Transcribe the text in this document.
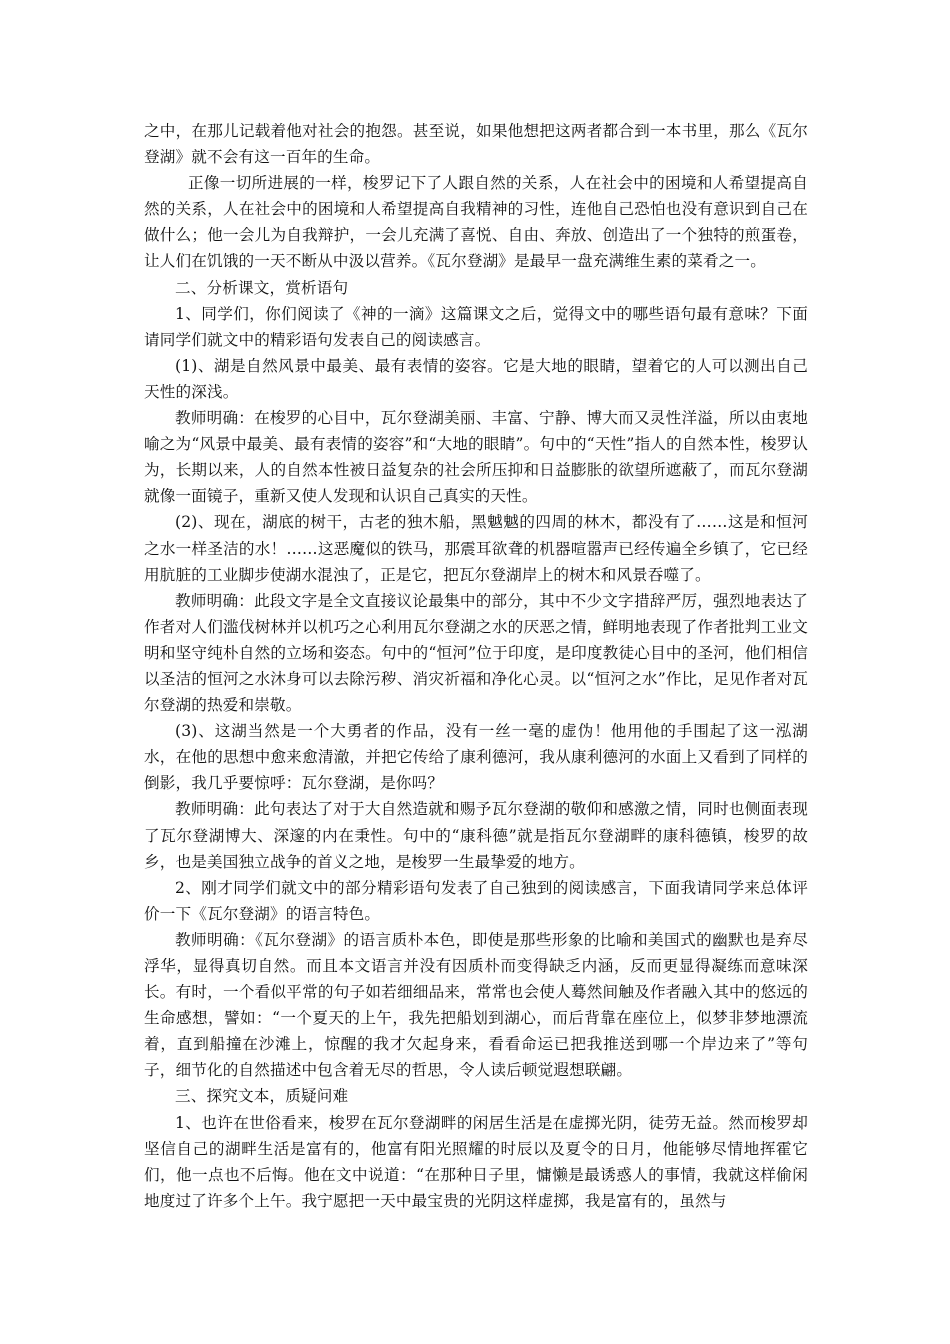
之中，在那儿记载着他对社会的抱怨。甚至说，如果他想把这两者都合到一本书里，那么《瓦尔登湖》就不会有这一百年的生命。

正像一切所进展的一样，梭罗记下了人跟自然的关系，人在社会中的困境和人希望提高自然的关系，人在社会中的困境和人希望提高自我精神的习性，连他自己恐怕也没有意识到自己在做什么；他一会儿为自我辩护，一会儿充满了喜悦、自由、奔放、创造出了一个独特的煎蛋卷，让人们在饥饿的一天不断从中汲以营养。《瓦尔登湖》是最早一盘充满维生素的菜肴之一。

二、分析课文，赏析语句

1、同学们，你们阅读了《神的一滴》这篇课文之后，觉得文中的哪些语句最有意味？下面请同学们就文中的精彩语句发表自己的阅读感言。

(1)、湖是自然风景中最美、最有表情的姿容。它是大地的眼睛，望着它的人可以测出自己天性的深浅。

教师明确：在梭罗的心目中，瓦尔登湖美丽、丰富、宁静、博大而又灵性洋溢，所以由衷地喻之为“风景中最美、最有表情的姿容”和“大地的眼睛”。句中的“天性”指人的自然本性，梭罗认为，长期以来，人的自然本性被日益复杂的社会所压抑和日益膨胀的欲望所遮蔽了，而瓦尔登湖就像一面镜子，重新又使人发现和认识自己真实的天性。

(2)、现在，湖底的树干，古老的独木船，黑魆魆的四周的林木，都没有了……这是和恒河之水一样圣洁的水！……这恶魔似的铁马，那震耳欲聋的机器喧嚣声已经传遍全乡镇了，它已经用肮脏的工业脚步使湖水混浊了，正是它，把瓦尔登湖岸上的树木和风景吞噬了。

教师明确：此段文字是全文直接议论最集中的部分，其中不少文字措辞严厉，强烈地表达了作者对人们滥伐树林并以机巧之心利用瓦尔登湖之水的厌恶之情，鲜明地表现了作者批判工业文明和坚守纯朴自然的立场和姿态。句中的“恒河”位于印度，是印度教徒心目中的圣河，他们相信以圣洁的恒河之水沐身可以去除污秽、消灾祈福和净化心灵。以“恒河之水”作比，足见作者对瓦尔登湖的热爱和崇敬。

(3)、这湖当然是一个大勇者的作品，没有一丝一毫的虚伪！他用他的手围起了这一泓湖水，在他的思想中愈来愈清澈，并把它传给了康利德河，我从康利德河的水面上又看到了同样的倒影，我几乎要惊呼：瓦尔登湖，是你吗？

教师明确：此句表达了对于大自然造就和赐予瓦尔登湖的敬仰和感激之情，同时也侧面表现了瓦尔登湖博大、深邃的内在秉性。句中的“康科德”就是指瓦尔登湖畔的康科德镇，梭罗的故乡，也是美国独立战争的首义之地，是梭罗一生最挚爱的地方。

2、刚才同学们就文中的部分精彩语句发表了自己独到的阅读感言，下面我请同学来总体评价一下《瓦尔登湖》的语言特色。

教师明确：《瓦尔登湖》的语言质朴本色，即使是那些形象的比喻和美国式的幽默也是弃尽浮华，显得真切自然。而且本文语言并没有因质朴而变得缺乏内涵，反而更显得凝练而意味深长。有时，一个看似平常的句子如若细细品来，常常也会使人蓦然间触及作者融入其中的悠远的生命感想，譬如：“一个夏天的上午，我先把船划到湖心，而后背靠在座位上，似梦非梦地漂流着，直到船撞在沙滩上，惊醒的我才欠起身来，看看命运已把我推送到哪一个岸边来了”等句子，细节化的自然描述中包含着无尽的哲思，令人读后顿觉遐想联翩。

三、探究文本，质疑问难

1、也许在世俗看来，梭罗在瓦尔登湖畔的闲居生活是在虚掷光阴，徒劳无益。然而梭罗却坚信自己的湖畔生活是富有的，他富有阳光照耀的时辰以及夏令的日月，他能够尽情地挥霍它们，他一点也不后悔。他在文中说道：“在那种日子里，慵懒是最诱惑人的事情，我就这样偷闲地度过了许多个上午。我宁愿把一天中最宝贵的光阴这样虚掷，我是富有的，虽然与
